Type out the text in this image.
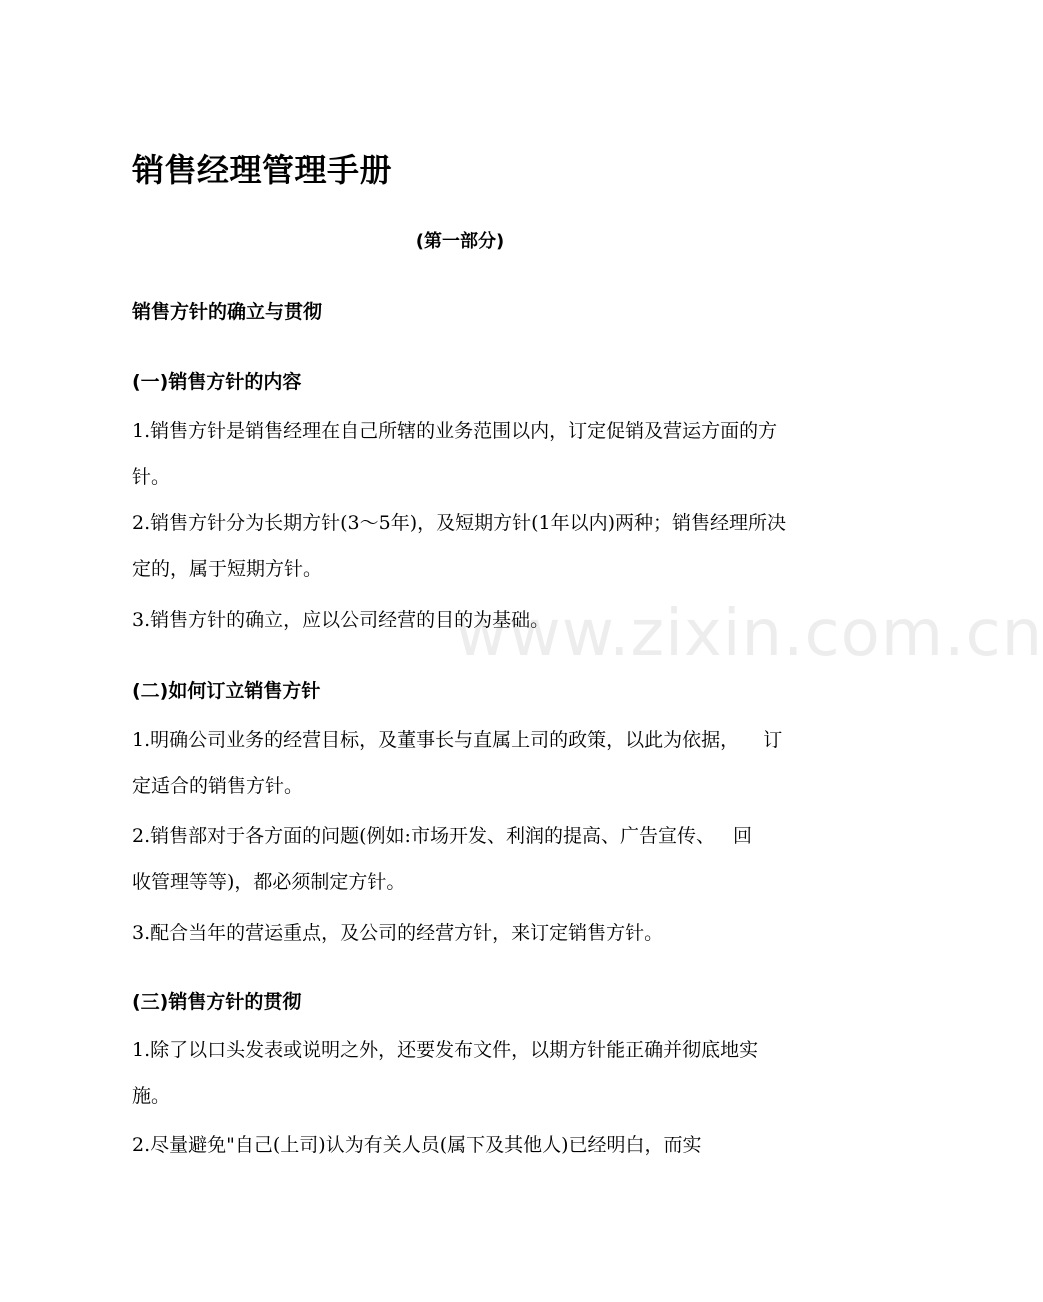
www.zixin.com.cn
销售经理管理手册
(第一部分)
销售方针的确立与贯彻
(一)销售方针的内容

1.销售方针是销售经理在自己所辖的业务范围以内，订定促销及营运方面的方针。

2.销售方针分为长期方针(3～5年)，及短期方针(1年以内)两种；销售经理所决定的，属于短期方针。

3.销售方针的确立，应以公司经营的目的为基础。

(二)如何订立销售方针

1.明确公司业务的经营目标，及董事长与直属上司的政策，以此为依据，    订定适合的销售方针。

2.销售部对于各方面的问题(例如:市场开发、利润的提高、广告宣传、   回    收管理等等)，都必须制定方针。

3.配合当年的营运重点，及公司的经营方针，来订定销售方针。

(三)销售方针的贯彻

1.除了以口头发表或说明之外，还要发布文件，以期方针能正确并彻底地实施。

2.尽量避免"自己(上司)认为有关人员(属下及其他人)已经明白，而实
